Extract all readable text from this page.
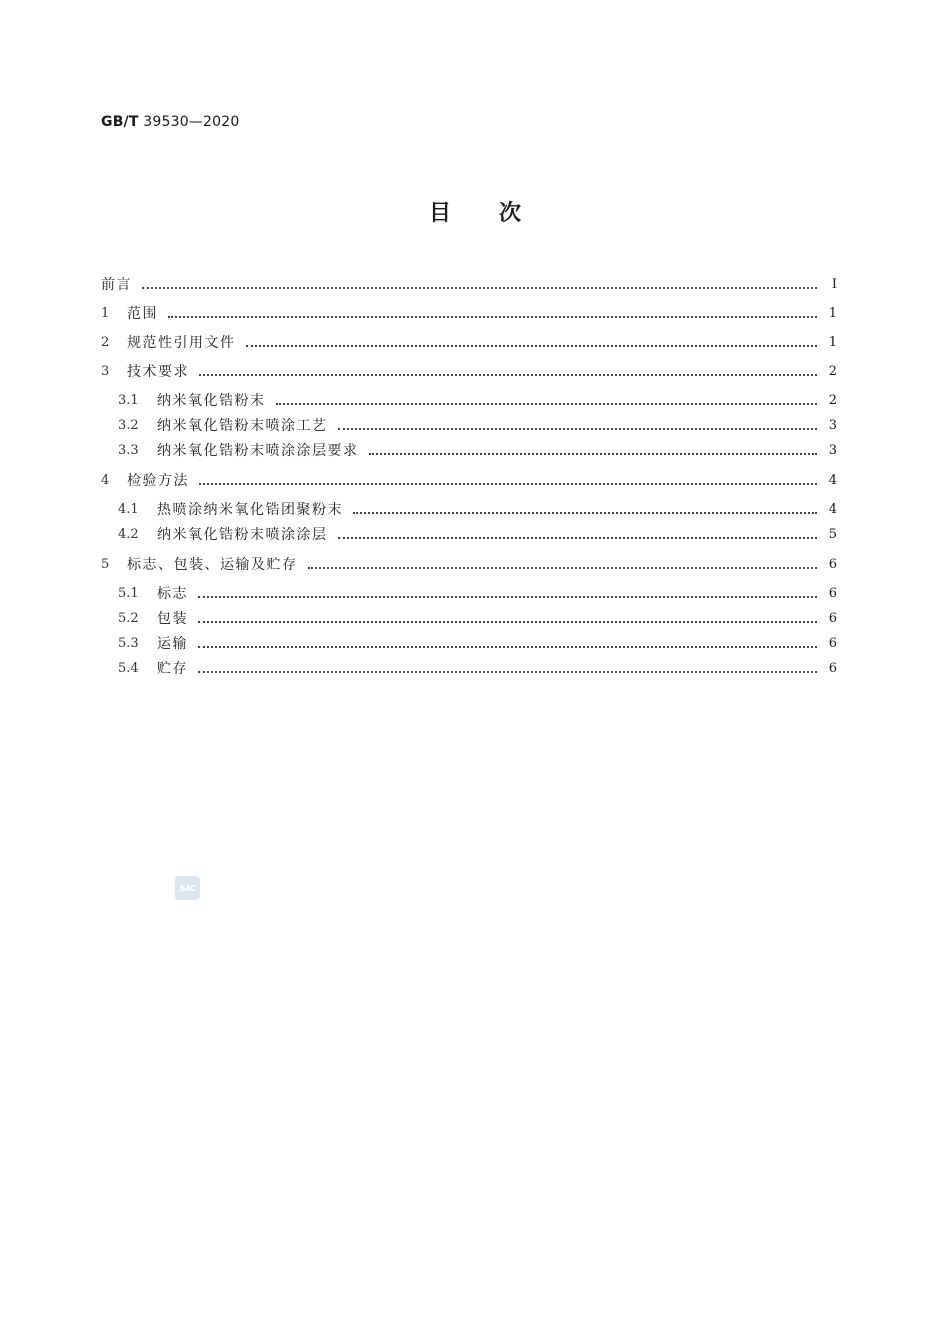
GB/T 39530—2020
目次
前言	Ⅰ
1	范围	1
2	规范性引用文件	1
3	技术要求	2
3.1	纳米氧化锆粉末	2
3.2	纳米氧化锆粉末喷涂工艺	3
3.3	纳米氧化锆粉末喷涂涂层要求	3
4	检验方法	4
4.1	热喷涂纳米氧化锆团聚粉末	4
4.2	纳米氧化锆粉末喷涂涂层	5
5	标志、包装、运输及贮存	6
5.1	标志	6
5.2	包装	6
5.3	运输	6
5.4	贮存	6
SAC
